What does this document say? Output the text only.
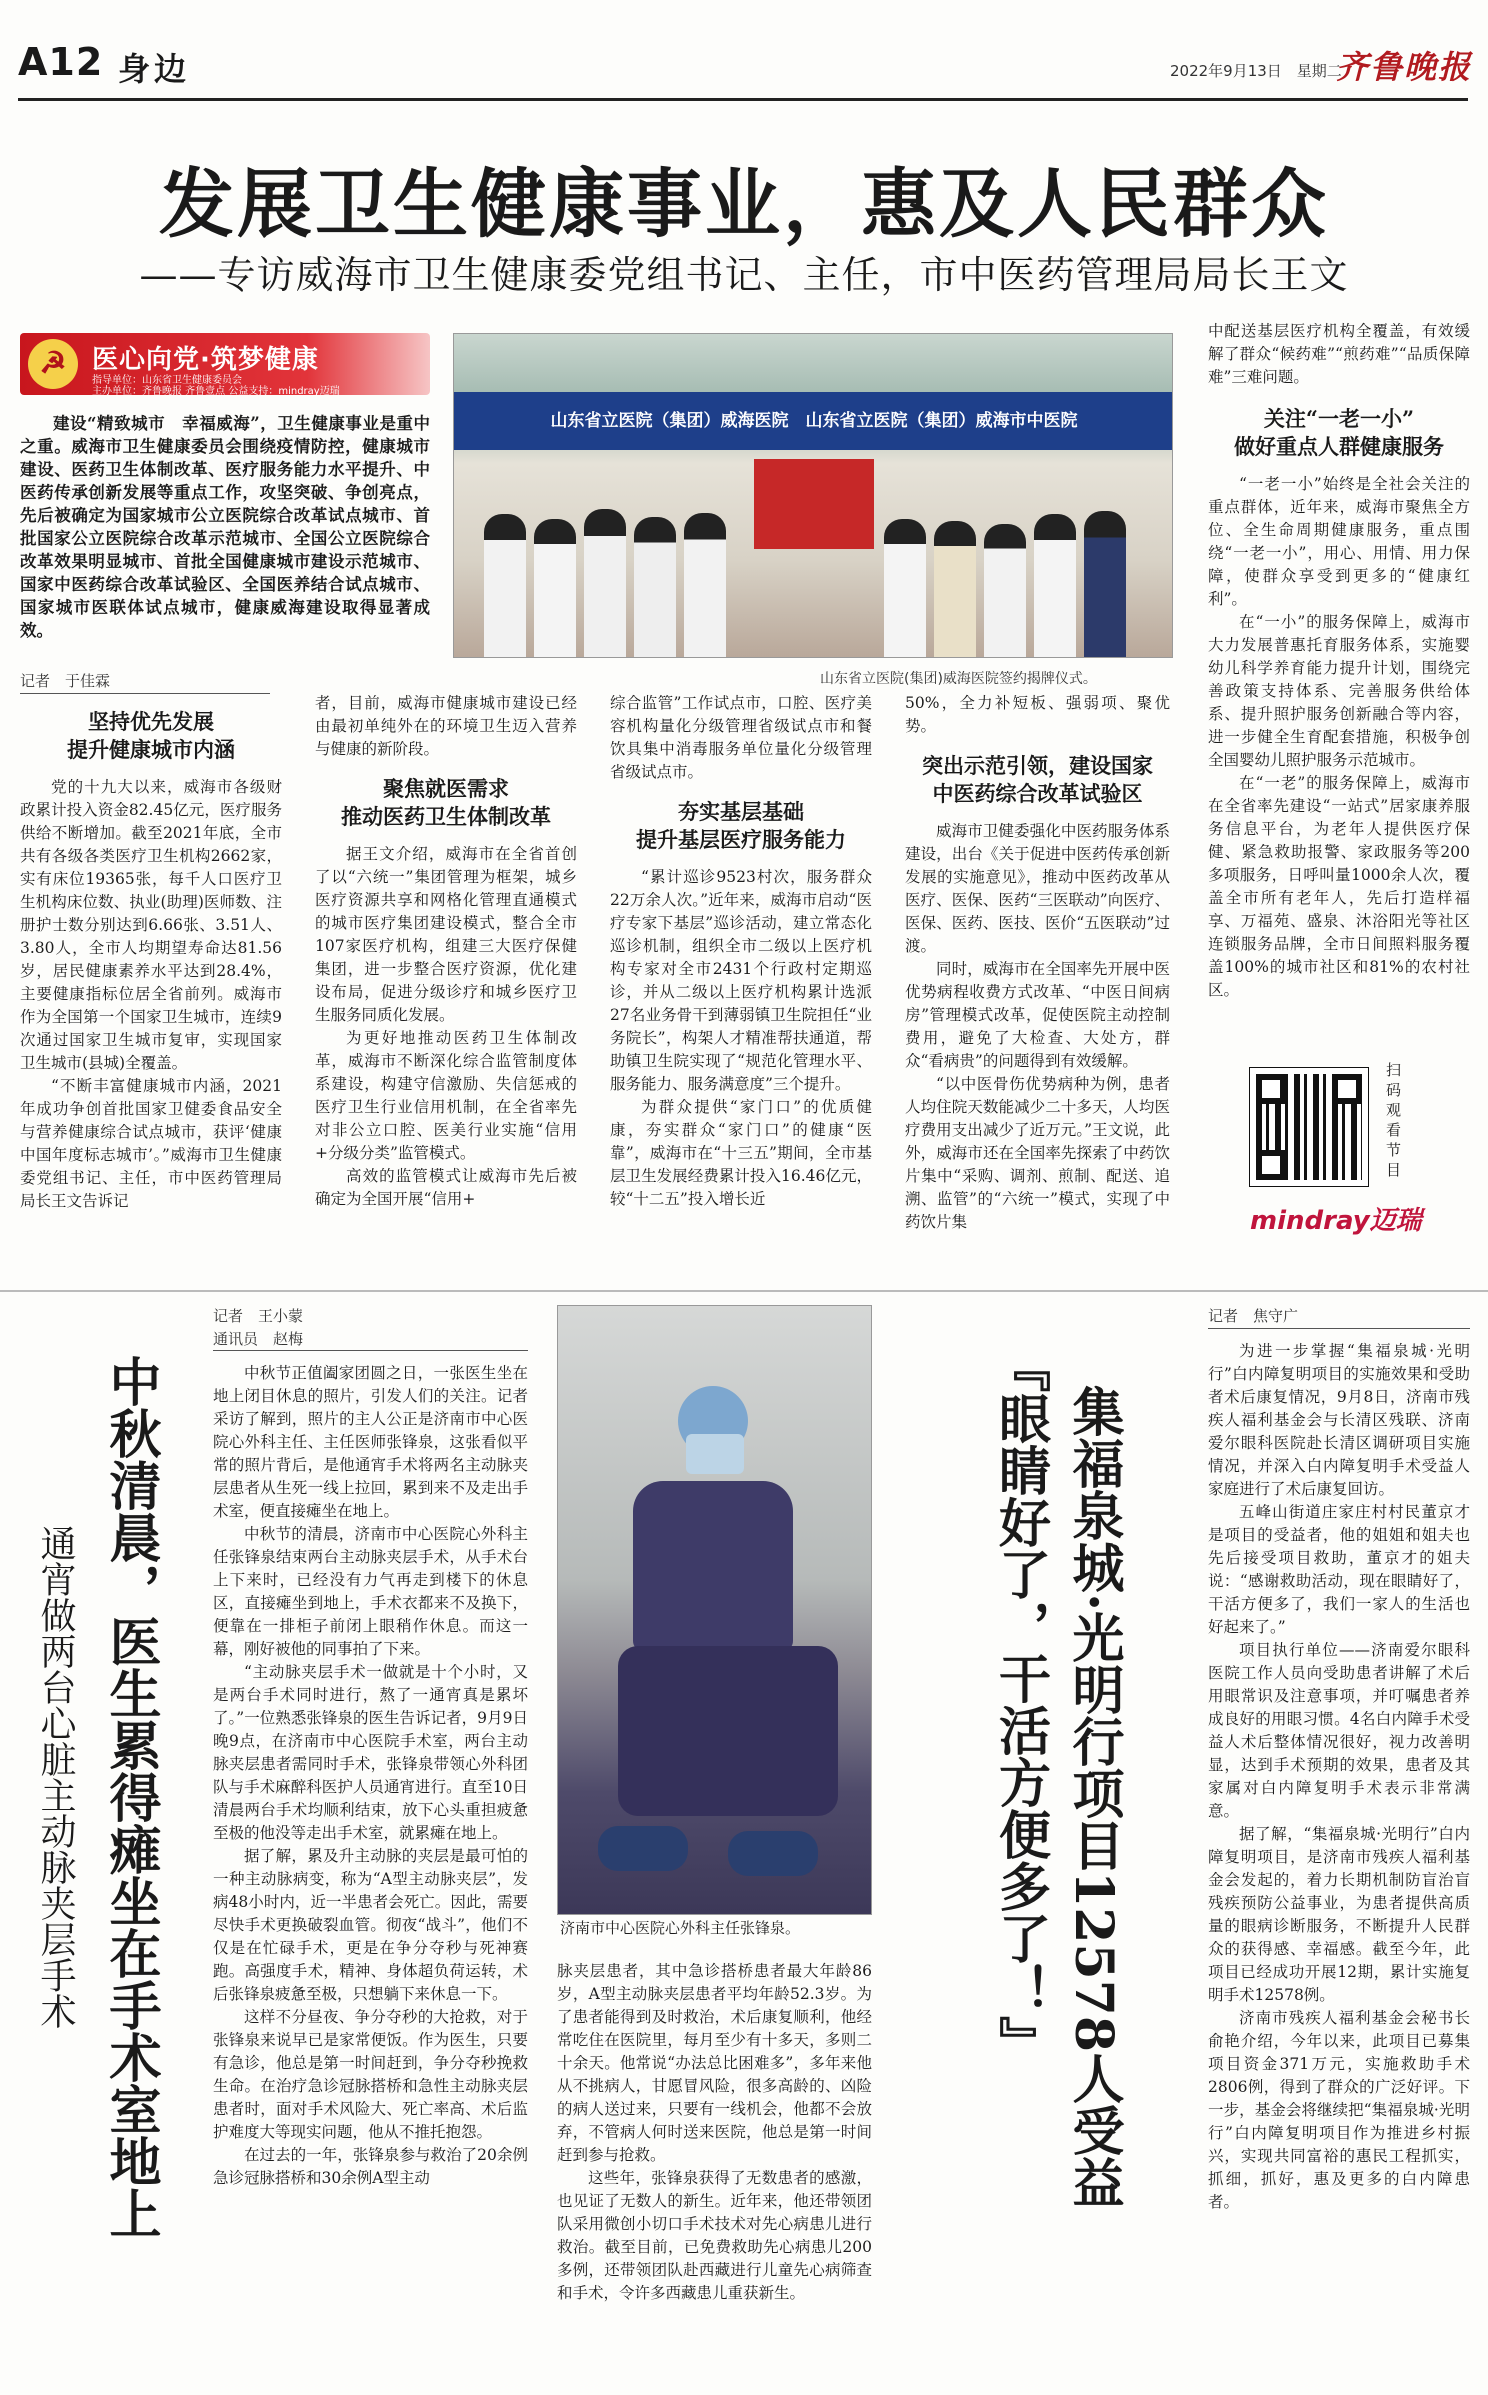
A12 身边	2022年9月13日　星期二
齐鲁晚报
发展卫生健康事业，惠及人民群众
——专访威海市卫生健康委党组书记、主任，市中医药管理局局长王文
☭ 医心向党·筑梦健康
指导单位：山东省卫生健康委员会
主办单位：齐鲁晚报 齐鲁壹点 公益支持：mindray迈瑞

建设“精致城市　幸福威海”，卫生健康事业是重中之重。威海市卫生健康委员会围绕疫情防控，健康城市建设、医药卫生体制改革、医疗服务能力水平提升、中医药传承创新发展等重点工作，攻坚突破、争创亮点，先后被确定为国家城市公立医院综合改革试点城市、首批国家公立医院综合改革示范城市、全国公立医院综合改革效果明显城市、首批全国健康城市建设示范城市、国家中医药综合改革试验区、全国医养结合试点城市、国家城市医联体试点城市，健康威海建设取得显著成效。

山东省立医院（集团）威海医院　山东省立医院（集团）威海市中医院
山东省立医院(集团)威海医院签约揭牌仪式。
记者　于佳霖
坚持优先发展
提升健康城市内涵

党的十九大以来，威海市各级财政累计投入资金82.45亿元，医疗服务供给不断增加。截至2021年底，全市共有各级各类医疗卫生机构2662家，实有床位19365张，每千人口医疗卫生机构床位数、执业(助理)医师数、注册护士数分别达到6.66张、3.51人、3.80人，全市人均期望寿命达81.56岁，居民健康素养水平达到28.4%，主要健康指标位居全省前列。威海市作为全国第一个国家卫生城市，连续9次通过国家卫生城市复审，实现国家卫生城市(县城)全覆盖。

“不断丰富健康城市内涵，2021年成功争创首批国家卫健委食品安全与营养健康综合试点城市，获评‘健康中国年度标志城市’。”威海市卫生健康委党组书记、主任，市中医药管理局局长王文告诉记

者，目前，威海市健康城市建设已经由最初单纯外在的环境卫生迈入营养与健康的新阶段。

聚焦就医需求
推动医药卫生体制改革

据王文介绍，威海市在全省首创了以“六统一”集团管理为框架，城乡医疗资源共享和网格化管理直通模式的城市医疗集团建设模式，整合全市107家医疗机构，组建三大医疗保健集团，进一步整合医疗资源，优化建设布局，促进分级诊疗和城乡医疗卫生服务同质化发展。

为更好地推动医药卫生体制改革，威海市不断深化综合监管制度体系建设，构建守信激励、失信惩戒的医疗卫生行业信用机制，在全省率先对非公立口腔、医美行业实施“信用+分级分类”监管模式。

高效的监管模式让威海市先后被确定为全国开展“信用+

综合监管”工作试点市，口腔、医疗美容机构量化分级管理省级试点市和餐饮具集中消毒服务单位量化分级管理省级试点市。

夯实基层基础
提升基层医疗服务能力

“累计巡诊9523村次，服务群众22万余人次。”近年来，威海市启动“医疗专家下基层”巡诊活动，建立常态化巡诊机制，组织全市二级以上医疗机构专家对全市2431个行政村定期巡诊，并从二级以上医疗机构累计选派27名业务骨干到薄弱镇卫生院担任“业务院长”，构架人才精准帮扶通道，帮助镇卫生院实现了“规范化管理水平、服务能力、服务满意度”三个提升。

为群众提供“家门口”的优质健康，夯实群众“家门口”的健康“医靠”，威海市在“十三五”期间，全市基层卫生发展经费累计投入16.46亿元，较“十二五”投入增长近

50%，全力补短板、强弱项、聚优势。

突出示范引领，建设国家
中医药综合改革试验区

威海市卫健委强化中医药服务体系建设，出台《关于促进中医药传承创新发展的实施意见》，推动中医药改革从医疗、医保、医药“三医联动”向医疗、医保、医药、医技、医价“五医联动”过渡。

同时，威海市在全国率先开展中医优势病程收费方式改革、“中医日间病房”管理模式改革，促使医院主动控制费用，避免了大检查、大处方，群众“看病贵”的问题得到有效缓解。

“以中医骨伤优势病种为例，患者人均住院天数能减少二十多天，人均医疗费用支出减少了近万元。”王文说，此外，威海市还在全国率先探索了中药饮片集中“采购、调剂、煎制、配送、追溯、监管”的“六统一”模式，实现了中药饮片集

中配送基层医疗机构全覆盖，有效缓解了群众“候药难”“煎药难”“品质保障难”三难问题。

关注“一老一小”
做好重点人群健康服务

“一老一小”始终是全社会关注的重点群体，近年来，威海市聚焦全方位、全生命周期健康服务，重点围绕“一老一小”，用心、用情、用力保障，使群众享受到更多的“健康红利”。

在“一小”的服务保障上，威海市大力发展普惠托育服务体系，实施婴幼儿科学养育能力提升计划，围绕完善政策支持体系、完善服务供给体系、提升照护服务创新融合等内容，进一步健全生育配套措施，积极争创全国婴幼儿照护服务示范城市。

在“一老”的服务保障上，威海市在全省率先建设“一站式”居家康养服务信息平台，为老年人提供医疗保健、紧急救助报警、家政服务等200多项服务，日呼叫量1000余人次，覆盖全市所有老年人，先后打造样福享、万福苑、盛泉、沐浴阳光等社区连锁服务品牌，全市日间照料服务覆盖100%的城市社区和81%的农村社区。

扫码观看节目
mindray迈瑞
中秋清晨，医生累得瘫坐在手术室地上
通宵做两台心脏主动脉夹层手术
记者　王小蒙
通讯员　赵梅

中秋节正值阖家团圆之日，一张医生坐在地上闭目休息的照片，引发人们的关注。记者采访了解到，照片的主人公正是济南市中心医院心外科主任、主任医师张锋泉，这张看似平常的照片背后，是他通宵手术将两名主动脉夹层患者从生死一线上拉回，累到来不及走出手术室，便直接瘫坐在地上。

中秋节的清晨，济南市中心医院心外科主任张锋泉结束两台主动脉夹层手术，从手术台上下来时，已经没有力气再走到楼下的休息区，直接瘫坐到地上，手术衣都来不及换下，便靠在一排柜子前闭上眼稍作休息。而这一幕，刚好被他的同事拍了下来。

“主动脉夹层手术一做就是十个小时，又是两台手术同时进行，熬了一通宵真是累坏了。”一位熟悉张锋泉的医生告诉记者，9月9日晚9点，在济南市中心医院手术室，两台主动脉夹层患者需同时手术，张锋泉带领心外科团队与手术麻醉科医护人员通宵进行。直至10日清晨两台手术均顺利结束，放下心头重担疲惫至极的他没等走出手术室，就累瘫在地上。

据了解，累及升主动脉的夹层是最可怕的一种主动脉病变，称为“A型主动脉夹层”，发病48小时内，近一半患者会死亡。因此，需要尽快手术更换破裂血管。彻夜“战斗”，他们不仅是在忙碌手术，更是在争分夺秒与死神赛跑。高强度手术，精神、身体超负荷运转，术后张锋泉疲惫至极，只想躺下来休息一下。

这样不分昼夜、争分夺秒的大抢救，对于张锋泉来说早已是家常便饭。作为医生，只要有急诊，他总是第一时间赶到，争分夺秒挽救生命。在治疗急诊冠脉搭桥和急性主动脉夹层患者时，面对手术风险大、死亡率高、术后监护难度大等现实问题，他从不推托抱怨。

在过去的一年，张锋泉参与救治了20余例急诊冠脉搭桥和30余例A型主动

济南市中心医院心外科主任张锋泉。

脉夹层患者，其中急诊搭桥患者最大年龄86岁，A型主动脉夹层患者平均年龄52.3岁。为了患者能得到及时救治，术后康复顺利，他经常吃住在医院里，每月至少有十多天，多则二十余天。他常说“办法总比困难多”，多年来他从不挑病人，甘愿冒风险，很多高龄的、凶险的病人送过来，只要有一线机会，他都不会放弃，不管病人何时送来医院，他总是第一时间赶到参与抢救。

这些年，张锋泉获得了无数患者的感激，也见证了无数人的新生。近年来，他还带领团队采用微创小切口手术技术对先心病患儿进行救治。截至目前，已免费救助先心病患儿200多例，还带领团队赴西藏进行儿童先心病筛查和手术，令许多西藏患儿重获新生。

集福泉城·光明行项目12578人受益
『眼睛好了，干活方便多了！』
记者　焦守广

为进一步掌握“集福泉城·光明行”白内障复明项目的实施效果和受助者术后康复情况，9月8日，济南市残疾人福利基金会与长清区残联、济南爱尔眼科医院赴长清区调研项目实施情况，并深入白内障复明手术受益人家庭进行了术后康复回访。

五峰山街道庄家庄村村民董京才是项目的受益者，他的姐姐和姐夫也先后接受项目救助，董京才的姐夫说：“感谢救助活动，现在眼睛好了，干活方便多了，我们一家人的生活也好起来了。”

项目执行单位——济南爱尔眼科医院工作人员向受助患者讲解了术后用眼常识及注意事项，并叮嘱患者养成良好的用眼习惯。4名白内障手术受益人术后整体情况很好，视力改善明显，达到手术预期的效果，患者及其家属对白内障复明手术表示非常满意。

据了解，“集福泉城·光明行”白内障复明项目，是济南市残疾人福利基金会发起的，着力长期机制防盲治盲残疾预防公益事业，为患者提供高质量的眼病诊断服务，不断提升人民群众的获得感、幸福感。截至今年，此项目已经成功开展12期，累计实施复明手术12578例。

济南市残疾人福利基金会秘书长俞艳介绍，今年以来，此项目已募集项目资金371万元，实施救助手术2806例，得到了群众的广泛好评。下一步，基金会将继续把“集福泉城·光明行”白内障复明项目作为推进乡村振兴，实现共同富裕的惠民工程抓实，抓细，抓好，惠及更多的白内障患者。
